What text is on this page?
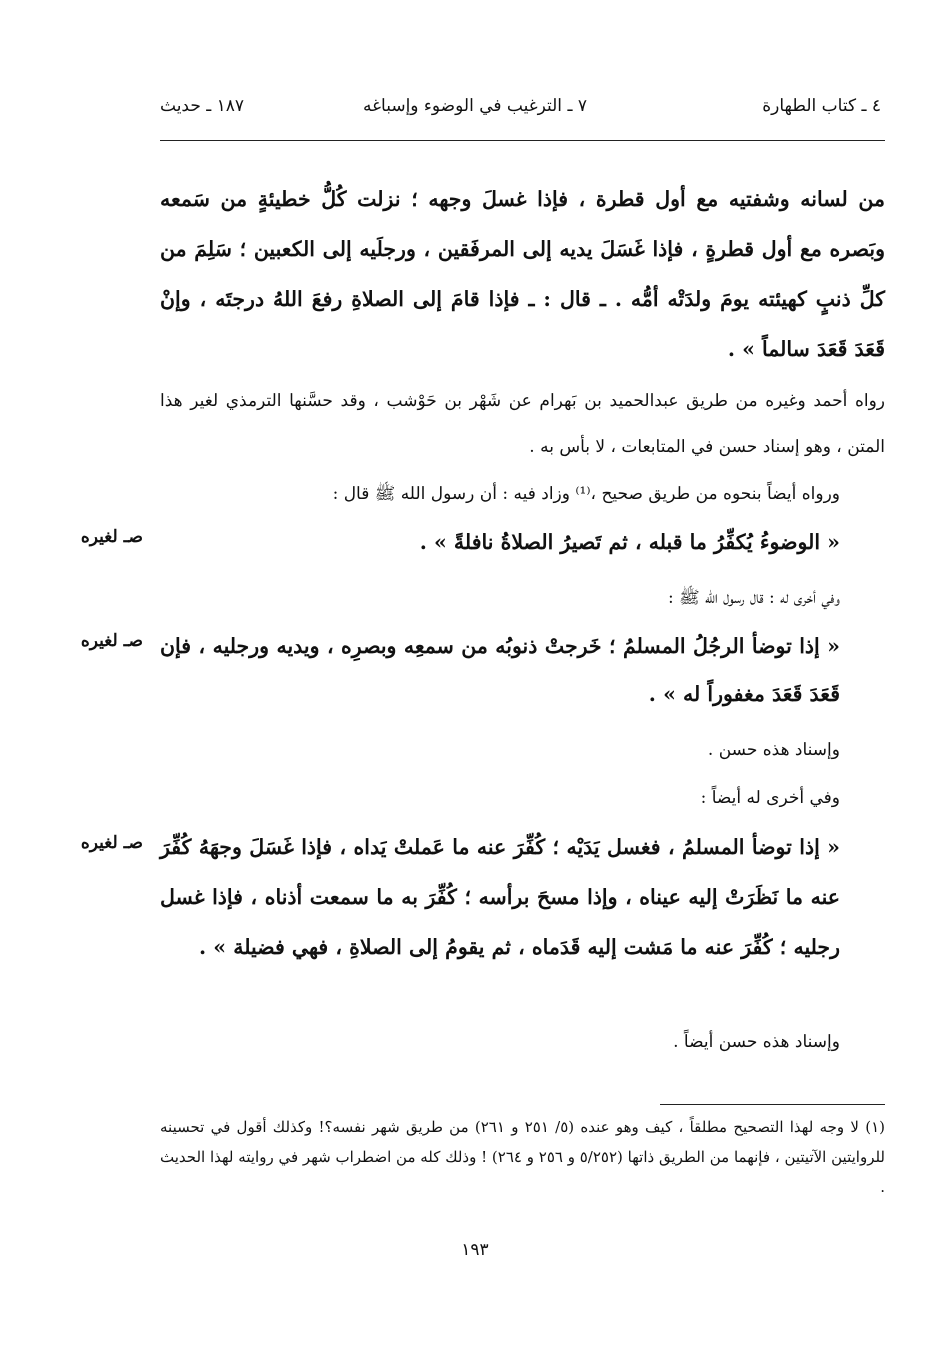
٤ ـ كتاب الطهارة
٧ ـ الترغيب في الوضوء وإسباغه
١٨٧ ـ حديث
من لسانه وشفتيه مع أول قطرة ، فإذا غسلَ وجهه ؛ نزلت كُلُّ خطيئةٍ من سَمعه وبَصره مع أول قطرةٍ ، فإذا غَسَلَ يديه إلى المرفَقين ، ورجلَيه إلى الكعبين ؛ سَلِمَ من كلِّ ذنبٍ كهيئته يومَ ولدَتْه أمُّه . ـ قال : ـ فإذا قامَ إلى الصلاةِ رفعَ اللهُ درجتَه ، وإنْ قَعَدَ قَعَدَ سالماً » .
رواه أحمد وغيره من طريق عبدالحميد بن بَهرام عن شَهْر بن حَوْشب ، وقد حسَّنها الترمذي لغير هذا المتن ، وهو إسناد حسن في المتابعات ، لا بأس به .
ورواه أيضاً بنحوه من طريق صحيح ،⁽¹⁾ وزاد فيه : أن رسول الله ﷺ قال :
« الوضوءُ يُكفِّرُ ما قبله ، ثم تَصيرُ الصلاةُ نافلةً » .
صـ لغيره
وفي أخرى له : قال رسول الله ﷺ :
« إذا توضأ الرجُلُ المسلمُ ؛ خَرجتْ ذنوبُه من سمعِه وبصرِه ، ويديه ورجليه ، فإن قَعَدَ قَعَدَ مغفوراً له » .
صـ لغيره
وإسناد هذه حسن .
وفي أخرى له أيضاً :
« إذا توضأ المسلمُ ، فغسل يَدَيْه ؛ كُفِّرَ عنه ما عَملتْ يَداه ، فإذا غَسَلَ وجهَهُ كُفِّرَ عنه ما نَظَرَتْ إليه عيناه ، وإذا مسحَ برأسه ؛ كُفِّرَ به ما سمعت أذناه ، فإذا غسل رجليه ؛ كُفِّرَ عنه ما مَشت إليه قَدَماه ، ثم يقومُ إلى الصلاةِ ، فهي فضيلة » .
صـ لغيره
وإسناد هذه حسن أيضاً .
(١) لا وجه لهذا التصحيح مطلقاً ، كيف وهو عنده (٥/ ٢٥١ و ٢٦١) من طريق شهر نفسه؟! وكذلك أقول في تحسينه للروايتين الآتيتين ، فإنهما من الطريق ذاتها (٥/٢٥٢ و ٢٥٦ و ٢٦٤) ! وذلك كله من اضطراب شهر في روايته لهذا الحديث .
١٩٣
